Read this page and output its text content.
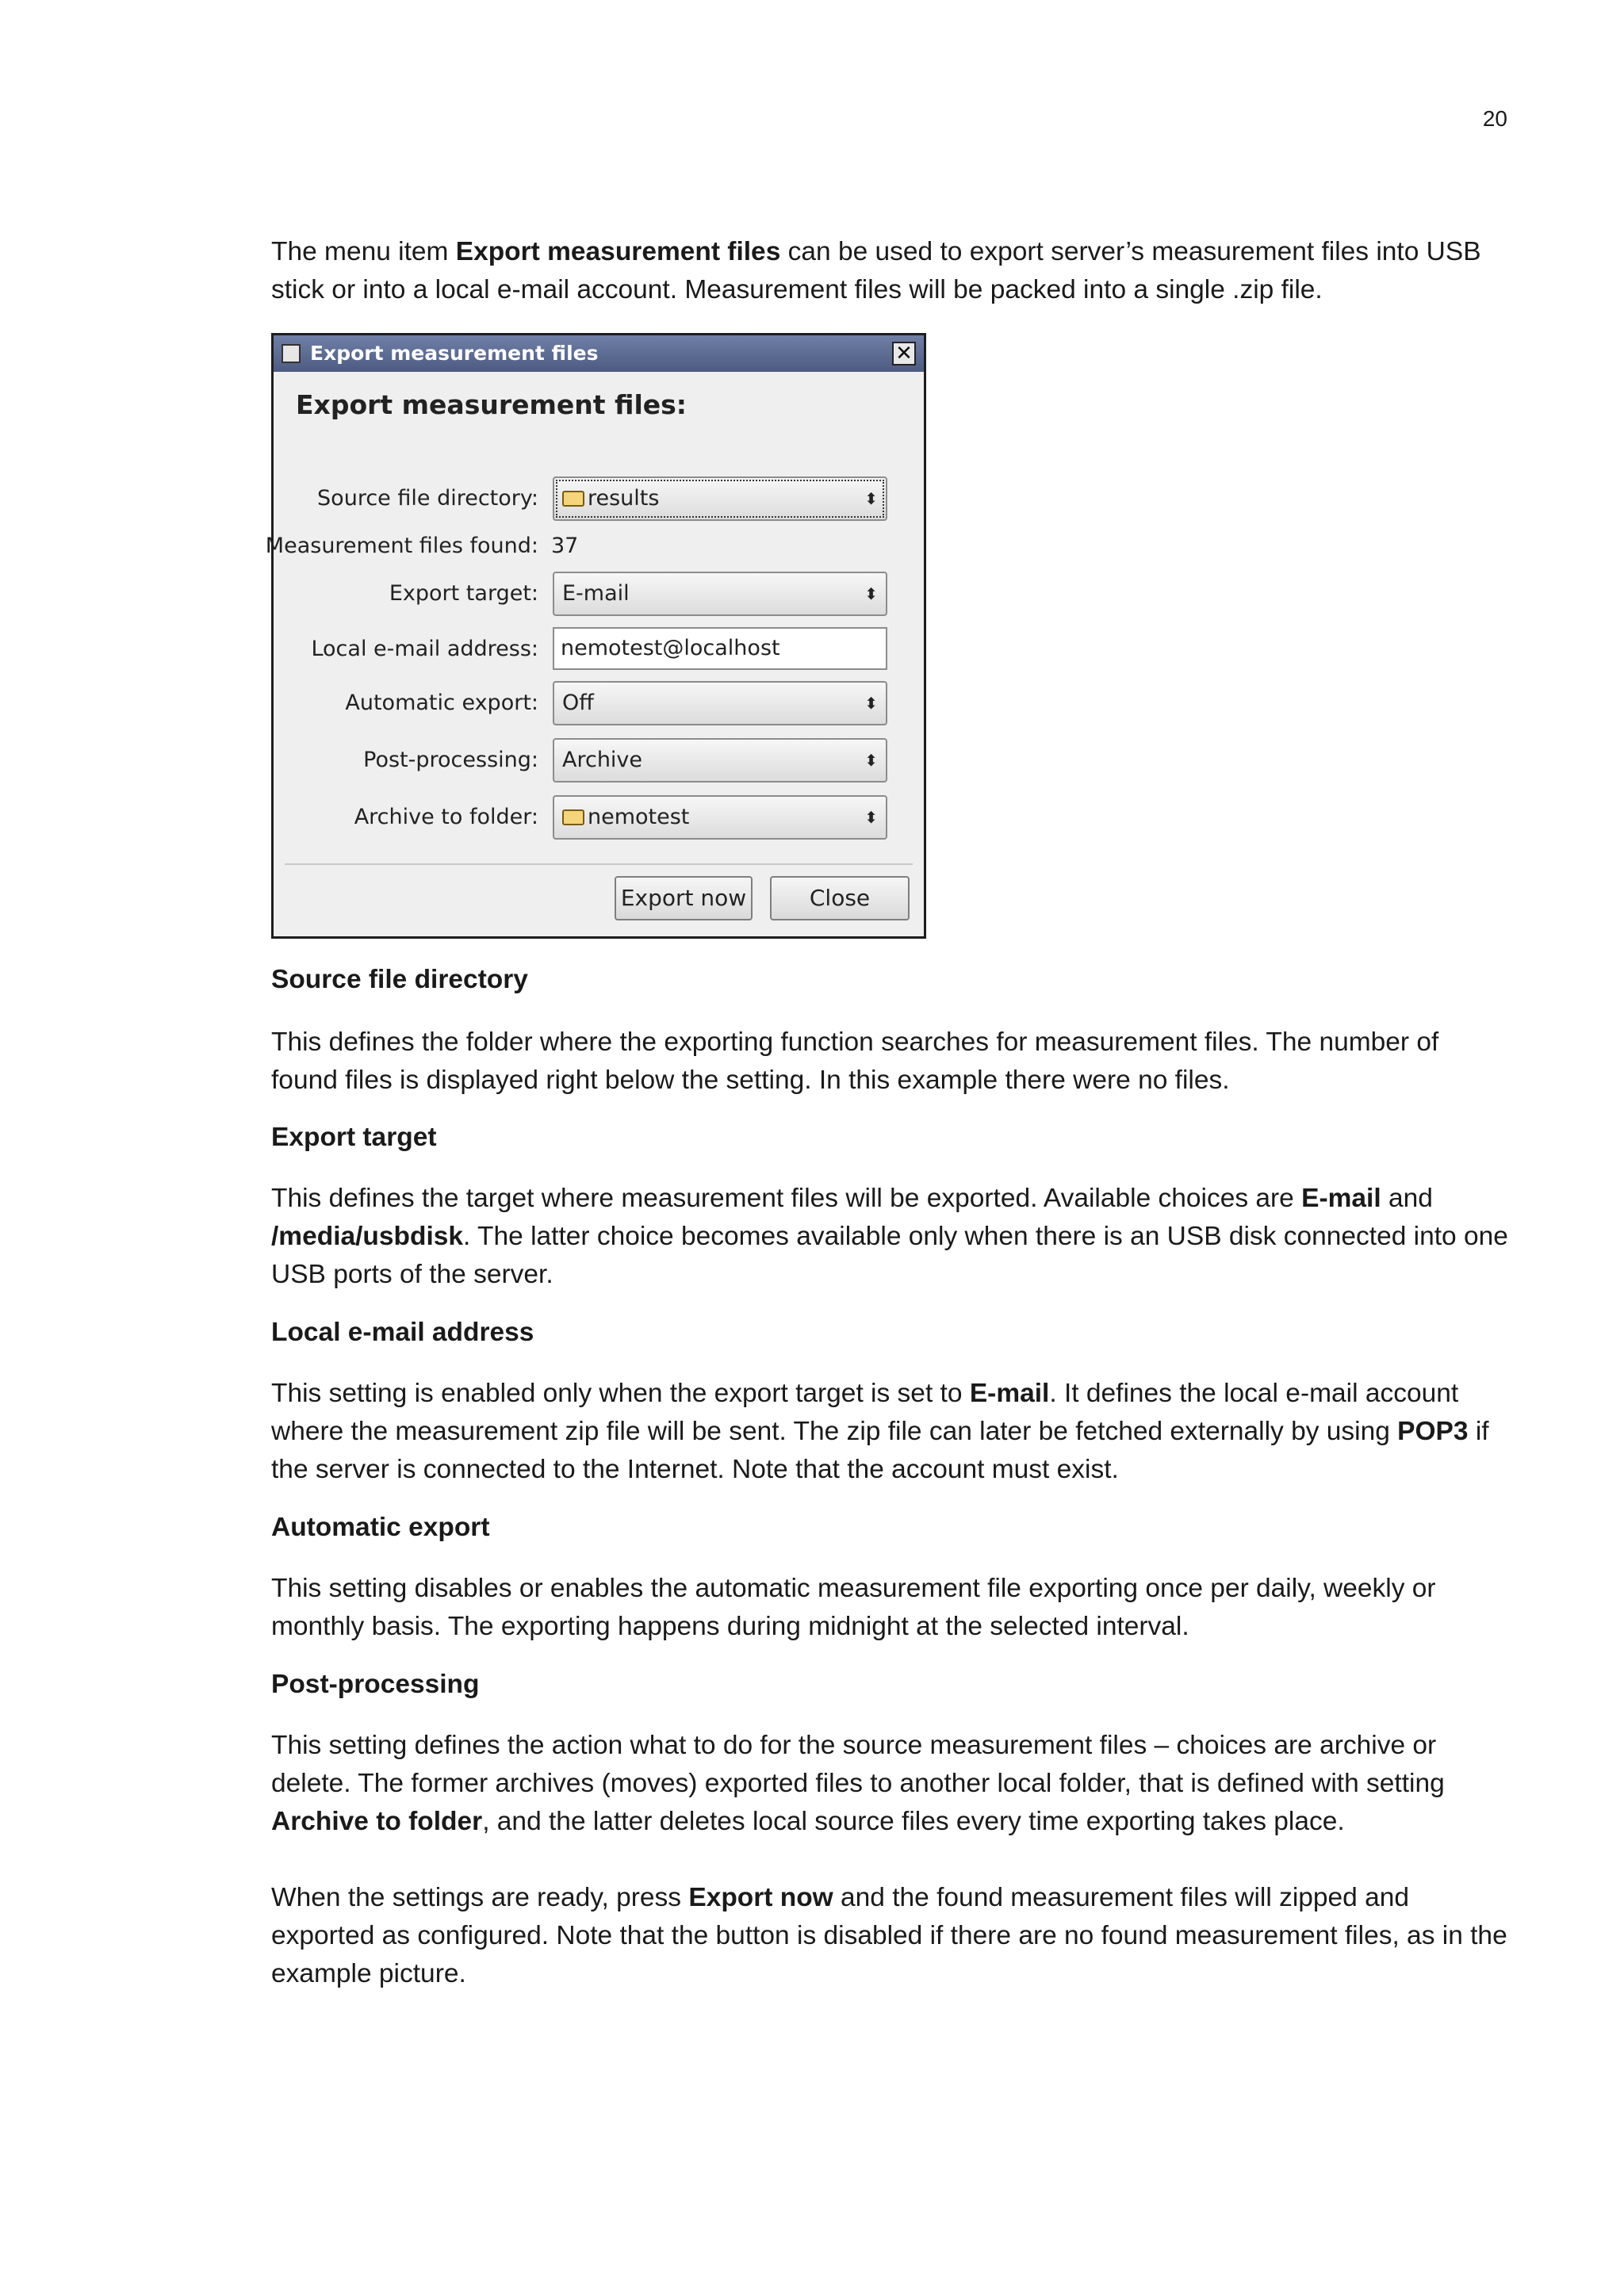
20

The menu item Export measurement files can be used to export server’s measurement files into USB stick or into a local e-mail account. Measurement files will be packed into a single .zip file.

Export measurement files	✕
Export measurement files:
Source file directory:	results	⬍
Measurement files found: 37
Export target:	E-mail	⬍
Local e-mail address:	nemotest@localhost
Automatic export:	Off	⬍
Post-processing:	Archive	⬍
Archive to folder:	nemotest	⬍
Export now	Close

Source file directory

This defines the folder where the exporting function searches for measurement files. The number of found files is displayed right below the setting. In this example there were no files.

Export target

This defines the target where measurement files will be exported. Available choices are E-mail and /media/usbdisk. The latter choice becomes available only when there is an USB disk connected into one USB ports of the server.

Local e-mail address

This setting is enabled only when the export target is set to E-mail. It defines the local e-mail account where the measurement zip file will be sent. The zip file can later be fetched externally by using POP3 if the server is connected to the Internet. Note that the account must exist.

Automatic export

This setting disables or enables the automatic measurement file exporting once per daily, weekly or monthly basis. The exporting happens during midnight at the selected interval.

Post-processing

This setting defines the action what to do for the source measurement files – choices are archive or delete. The former archives (moves) exported files to another local folder, that is defined with setting Archive to folder, and the latter deletes local source files every time exporting takes place.

When the settings are ready, press Export now and the found measurement files will zipped and exported as configured. Note that the button is disabled if there are no found measurement files, as in the example picture.
